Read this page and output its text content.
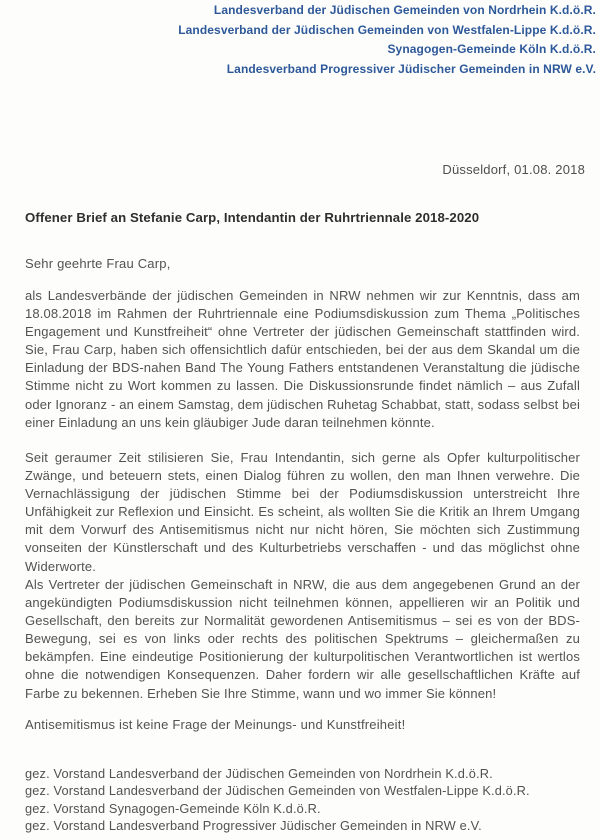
Landesverband der Jüdischen Gemeinden von Nordrhein K.d.ö.R.
Landesverband der Jüdischen Gemeinden von Westfalen-Lippe K.d.ö.R.
Synagogen-Gemeinde Köln K.d.ö.R.
Landesverband Progressiver Jüdischer Gemeinden in NRW e.V.
Düsseldorf, 01.08. 2018
Offener Brief an Stefanie Carp, Intendantin der Ruhrtriennale 2018-2020
Sehr geehrte Frau Carp,
als Landesverbände der jüdischen Gemeinden in NRW nehmen wir zur Kenntnis, dass am 18.08.2018 im Rahmen der Ruhrtriennale eine Podiumsdiskussion zum Thema „Politisches Engagement und Kunstfreiheit“ ohne Vertreter der jüdischen Gemeinschaft stattfinden wird. Sie, Frau Carp, haben sich offensichtlich dafür entschieden, bei der aus dem Skandal um die Einladung der BDS-nahen Band The Young Fathers entstandenen Veranstaltung die jüdische Stimme nicht zu Wort kommen zu lassen. Die Diskussionsrunde findet nämlich – aus Zufall oder Ignoranz - an einem Samstag, dem jüdischen Ruhetag Schabbat, statt, sodass selbst bei einer Einladung an uns kein gläubiger Jude daran teilnehmen könnte.
Seit geraumer Zeit stilisieren Sie, Frau Intendantin, sich gerne als Opfer kulturpolitischer Zwänge, und beteuern stets, einen Dialog führen zu wollen, den man Ihnen verwehre. Die Vernachlässigung der jüdischen Stimme bei der Podiumsdiskussion unterstreicht Ihre Unfähigkeit zur Reflexion und Einsicht. Es scheint, als wollten Sie die Kritik an Ihrem Umgang mit dem Vorwurf des Antisemitismus nicht nur nicht hören, Sie möchten sich Zustimmung vonseiten der Künstlerschaft und des Kulturbetriebs verschaffen - und das möglichst ohne Widerworte.
Als Vertreter der jüdischen Gemeinschaft in NRW, die aus dem angegebenen Grund an der angekündigten Podiumsdiskussion nicht teilnehmen können, appellieren wir an Politik und Gesellschaft, den bereits zur Normalität gewordenen Antisemitismus – sei es von der BDS-Bewegung, sei es von links oder rechts des politischen Spektrums – gleichermaßen zu bekämpfen. Eine eindeutige Positionierung der kulturpolitischen Verantwortlichen ist wertlos ohne die notwendigen Konsequenzen. Daher fordern wir alle gesellschaftlichen Kräfte auf Farbe zu bekennen. Erheben Sie Ihre Stimme, wann und wo immer Sie können!
Antisemitismus ist keine Frage der Meinungs- und Kunstfreiheit!
gez. Vorstand Landesverband der Jüdischen Gemeinden von Nordrhein K.d.ö.R.
gez. Vorstand Landesverband der Jüdischen Gemeinden von Westfalen-Lippe K.d.ö.R.
gez. Vorstand Synagogen-Gemeinde Köln K.d.ö.R.
gez. Vorstand Landesverband Progressiver Jüdischer Gemeinden in NRW e.V.
